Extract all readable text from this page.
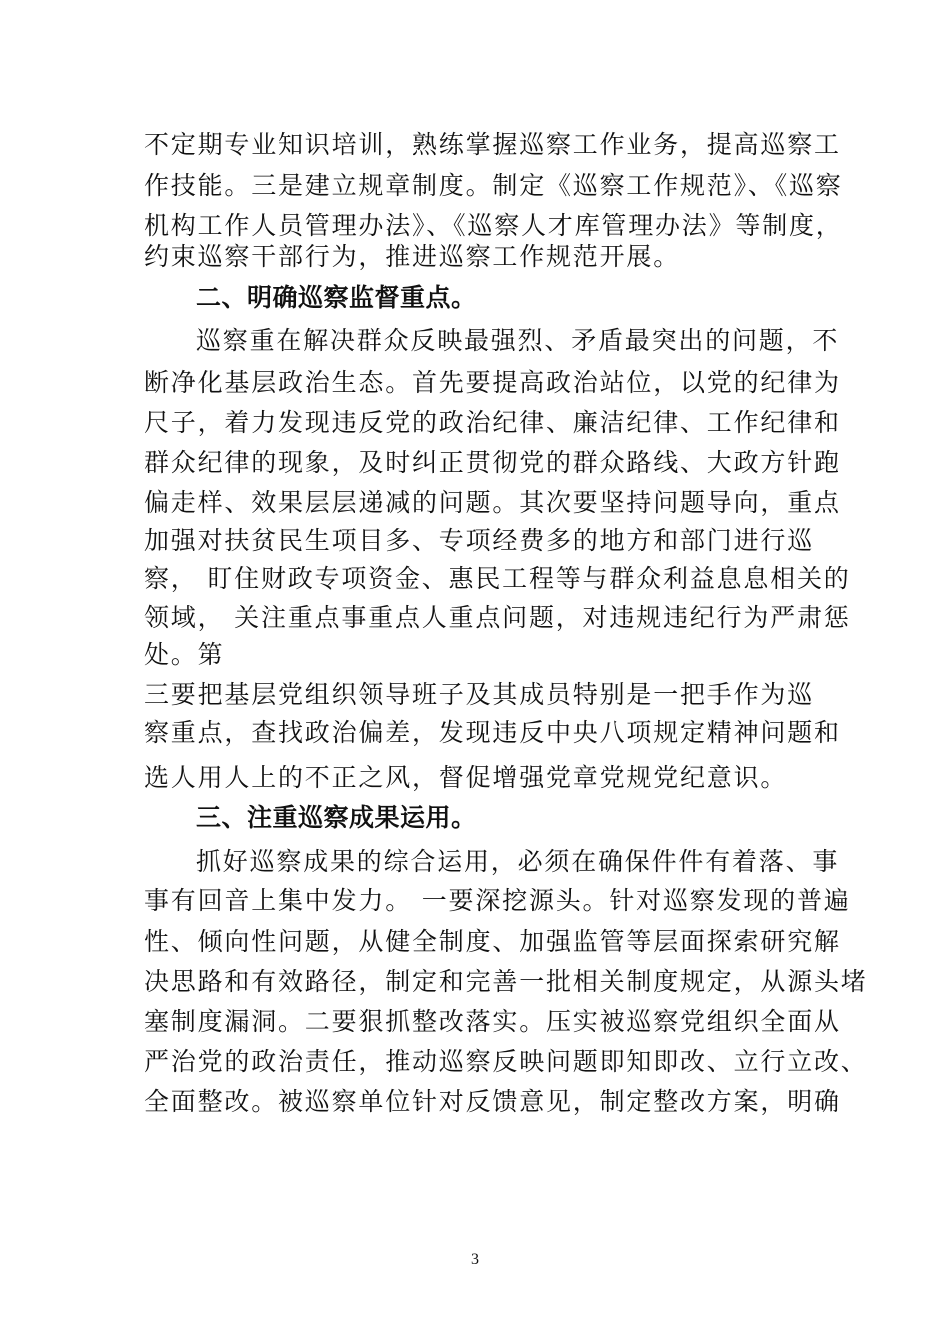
不定期专业知识培训，熟练掌握巡察工作业务，提高巡察工
作技能。三是建立规章制度。制定《巡察工作规范》、《巡察
机构工作人员管理办法》、《巡察人才库管理办法》等制度，
约束巡察干部行为，推进巡察工作规范开展。
二、明确巡察监督重点。
巡察重在解决群众反映最强烈、矛盾最突出的问题，不
断净化基层政治生态。首先要提高政治站位，以党的纪律为
尺子，着力发现违反党的政治纪律、廉洁纪律、工作纪律和
群众纪律的现象，及时纠正贯彻党的群众路线、大政方针跑
偏走样、效果层层递减的问题。其次要坚持问题导向，重点
加强对扶贫民生项目多、专项经费多的地方和部门进行巡
察， 盯住财政专项资金、惠民工程等与群众利益息息相关的
领域， 关注重点事重点人重点问题，对违规违纪行为严肃惩
处。第
三要把基层党组织领导班子及其成员特别是一把手作为巡
察重点，查找政治偏差，发现违反中央八项规定精神问题和
选人用人上的不正之风，督促增强党章党规党纪意识。
三、注重巡察成果运用。
抓好巡察成果的综合运用，必须在确保件件有着落、事
事有回音上集中发力。 一要深挖源头。针对巡察发现的普遍
性、倾向性问题，从健全制度、加强监管等层面探索研究解
决思路和有效路径，制定和完善一批相关制度规定，从源头堵
塞制度漏洞。二要狠抓整改落实。压实被巡察党组织全面从
严治党的政治责任，推动巡察反映问题即知即改、立行立改、
全面整改。被巡察单位针对反馈意见，制定整改方案，明确
3
